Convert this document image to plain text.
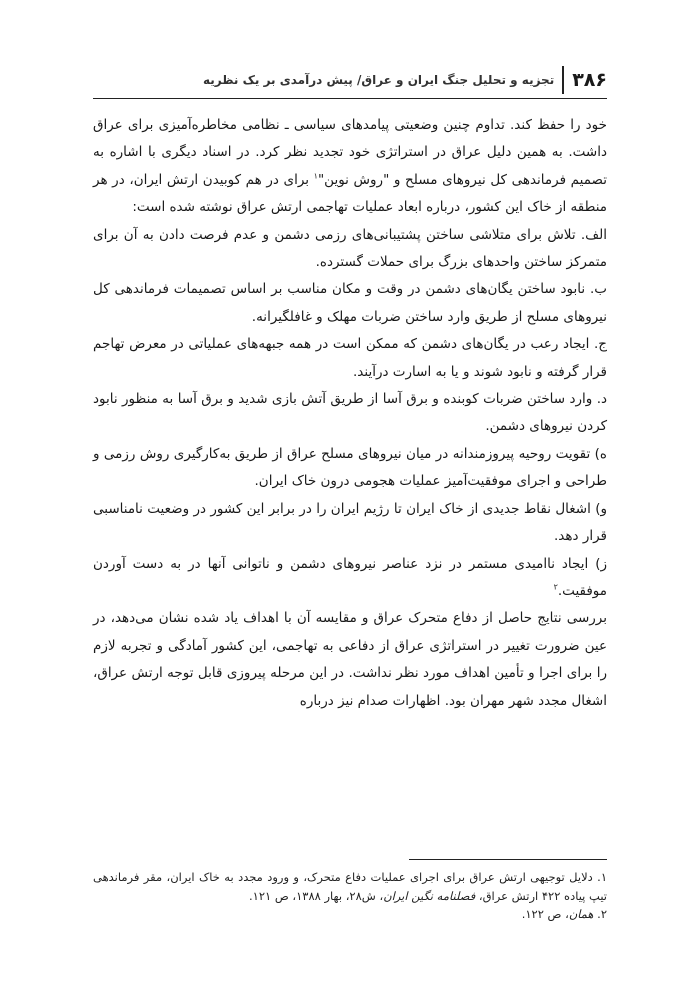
۳۸۶
تجزیه و تحلیل جنگ ایران و عراق/ پیش درآمدی بر یک نظریه

خود را حفظ کند. تداوم چنین وضعیتی پیامدهای سیاسی ـ نظامی مخاطره‌آمیزی برای عراق داشت. به همین دلیل عراق در استراتژی خود تجدید نظر کرد. در اسناد دیگری با اشاره به تصمیم فرماندهی کل نیروهای مسلح و "روش نوین"$^۱$ برای در هم کوبیدن ارتش ایران، در هر منطقه از خاک این کشور، درباره ابعاد عملیات تهاجمی ارتش عراق نوشته شده است:

الف. تلاش برای متلاشی ساختن پشتیبانی‌های رزمی دشمن و عدم فرصت دادن به آن برای متمرکز ساختن واحدهای بزرگ برای حملات گسترده.

ب. نابود ساختن یگان‌های دشمن در وقت و مکان مناسب بر اساس تصمیمات فرماندهی کل نیروهای مسلح از طریق وارد ساختن ضربات مهلک و غافلگیرانه.

ج. ایجاد رعب در یگان‌های دشمن که ممکن است در همه جبهه‌های عملیاتی در معرض تهاجم قرار گرفته و نابود شوند و یا به اسارت درآیند.

د. وارد ساختن ضربات کوبنده و برق آسا از طریق آتش بازی شدید و برق آسا به منظور نابود کردن نیروهای دشمن.

ه) تقویت روحیه پیروزمندانه در میان نیروهای مسلح عراق از طریق به‌کارگیری روش رزمی و طراحی و اجرای موفقیت‌آمیز عملیات هجومی درون خاک ایران.

و) اشغال نقاط جدیدی از خاک ایران تا رژیم ایران را در برابر این کشور در وضعیت نامناسبی قرار دهد.

ز) ایجاد ناامیدی مستمر در نزد عناصر نیروهای دشمن و ناتوانی آنها در به دست آوردن موفقیت.$^۲$

بررسی نتایج حاصل از دفاع متحرک عراق و مقایسه آن با اهداف یاد شده نشان می‌دهد، در عین ضرورت تغییر در استراتژی عراق از دفاعی به تهاجمی، این کشور آمادگی و تجربه لازم را برای اجرا و تأمین اهداف مورد نظر نداشت. در این مرحله پیروزی قابل توجه ارتش عراق، اشغال مجدد شهر مهران بود. اظهارات صدام نیز درباره

۱. دلایل توجیهی ارتش عراق برای اجرای عملیات دفاع متحرک، و ورود مجدد به خاک ایران، مقر فرماندهی تیپ پیاده ۴۲۲ ارتش عراق، فصلنامه نگین ایران، ش۲۸، بهار ۱۳۸۸، ص ۱۲۱.

۲. همان، ص ۱۲۲.
